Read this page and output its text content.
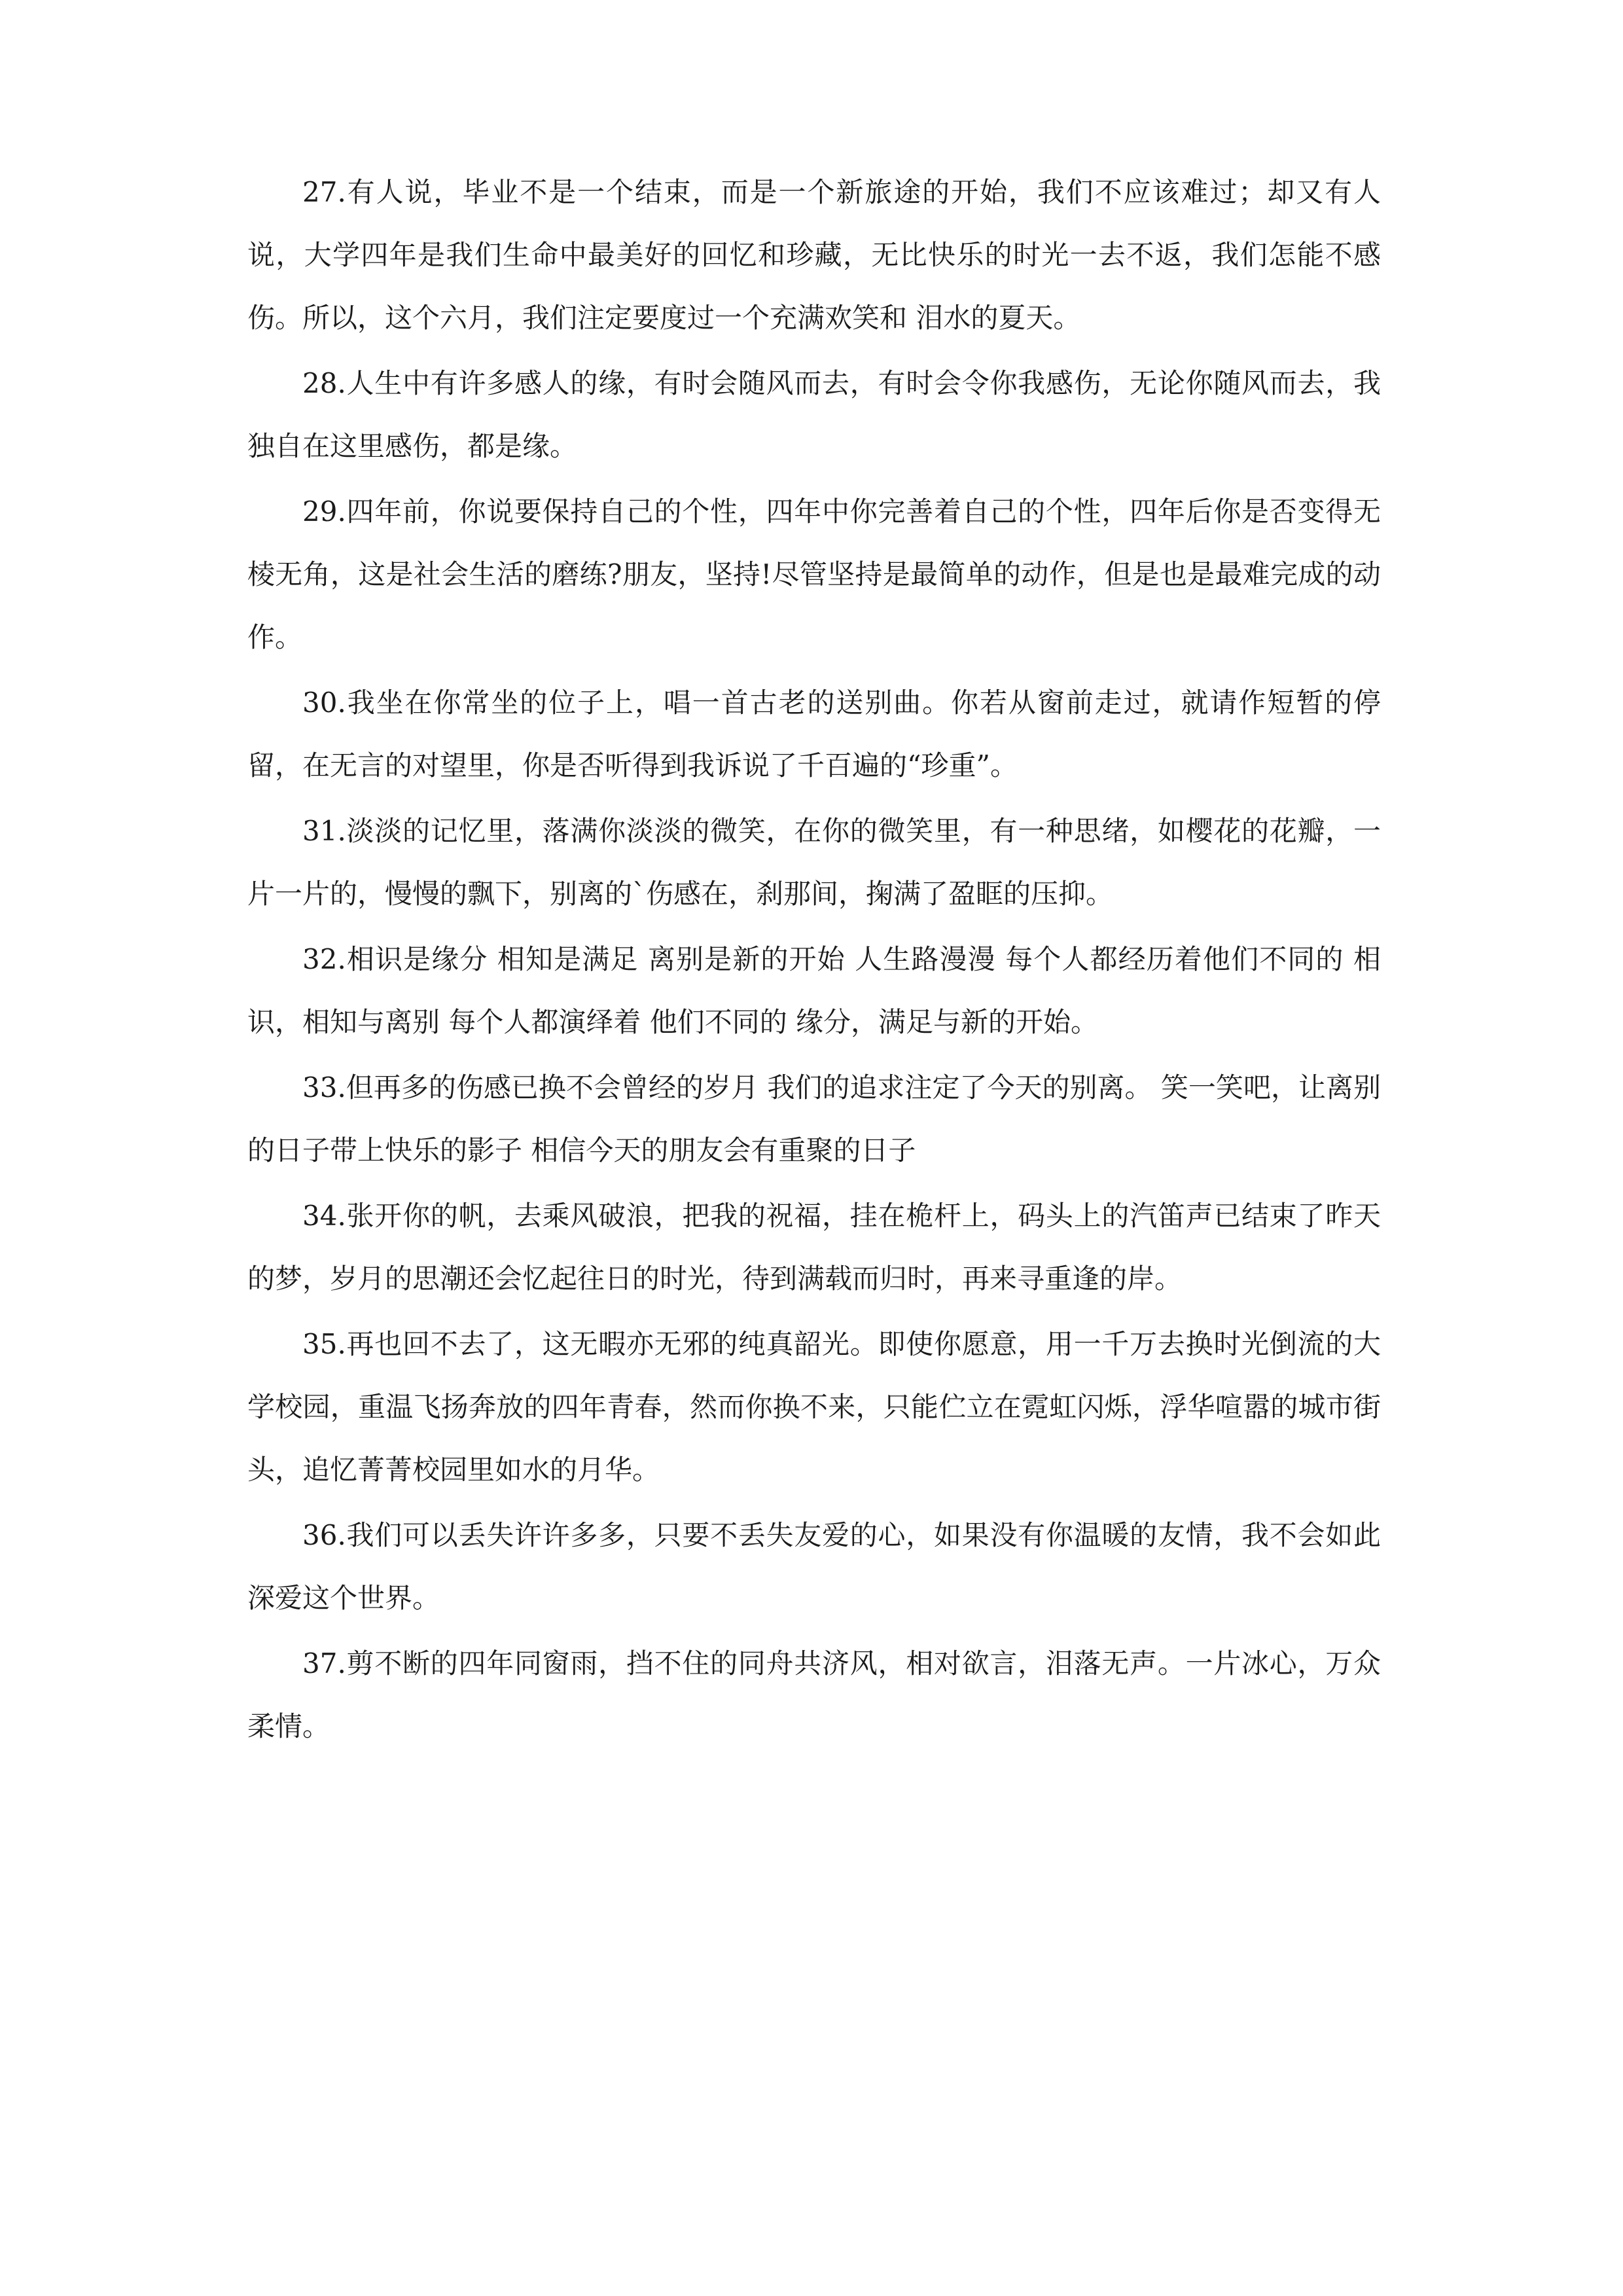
27.有人说，毕业不是一个结束，而是一个新旅途的开始，我们不应该难过；却又有人说，大学四年是我们生命中最美好的回忆和珍藏，无比快乐的时光一去不返，我们怎能不感伤。所以，这个六月，我们注定要度过一个充满欢笑和 泪水的夏天。

28.人生中有许多感人的缘，有时会随风而去，有时会令你我感伤，无论你随风而去，我独自在这里感伤，都是缘。

29.四年前，你说要保持自己的个性，四年中你完善着自己的个性，四年后你是否变得无棱无角，这是社会生活的磨练?朋友，坚持!尽管坚持是最简单的动作，但是也是最难完成的动作。

30.我坐在你常坐的位子上，唱一首古老的送别曲。你若从窗前走过，就请作短暂的停留，在无言的对望里，你是否听得到我诉说了千百遍的“珍重”。

31.淡淡的记忆里，落满你淡淡的微笑，在你的微笑里，有一种思绪，如樱花的花瓣，一片一片的，慢慢的飘下，别离的`伤感在，刹那间，掬满了盈眶的压抑。

32.相识是缘分 相知是满足 离别是新的开始 人生路漫漫 每个人都经历着他们不同的 相识，相知与离别 每个人都演绎着 他们不同的 缘分，满足与新的开始。

33.但再多的伤感已换不会曾经的岁月 我们的追求注定了今天的别离。 笑一笑吧，让离别的日子带上快乐的影子 相信今天的朋友会有重聚的日子

34.张开你的帆，去乘风破浪，把我的祝福，挂在桅杆上，码头上的汽笛声已结束了昨天的梦，岁月的思潮还会忆起往日的时光，待到满载而归时，再来寻重逢的岸。

35.再也回不去了，这无暇亦无邪的纯真韶光。即使你愿意，用一千万去换时光倒流的大学校园，重温飞扬奔放的四年青春，然而你换不来，只能伫立在霓虹闪烁，浮华喧嚣的城市街头，追忆菁菁校园里如水的月华。

36.我们可以丢失许许多多，只要不丢失友爱的心，如果没有你温暖的友情，我不会如此深爱这个世界。

37.剪不断的四年同窗雨，挡不住的同舟共济风，相对欲言，泪落无声。一片冰心，万众柔情。
